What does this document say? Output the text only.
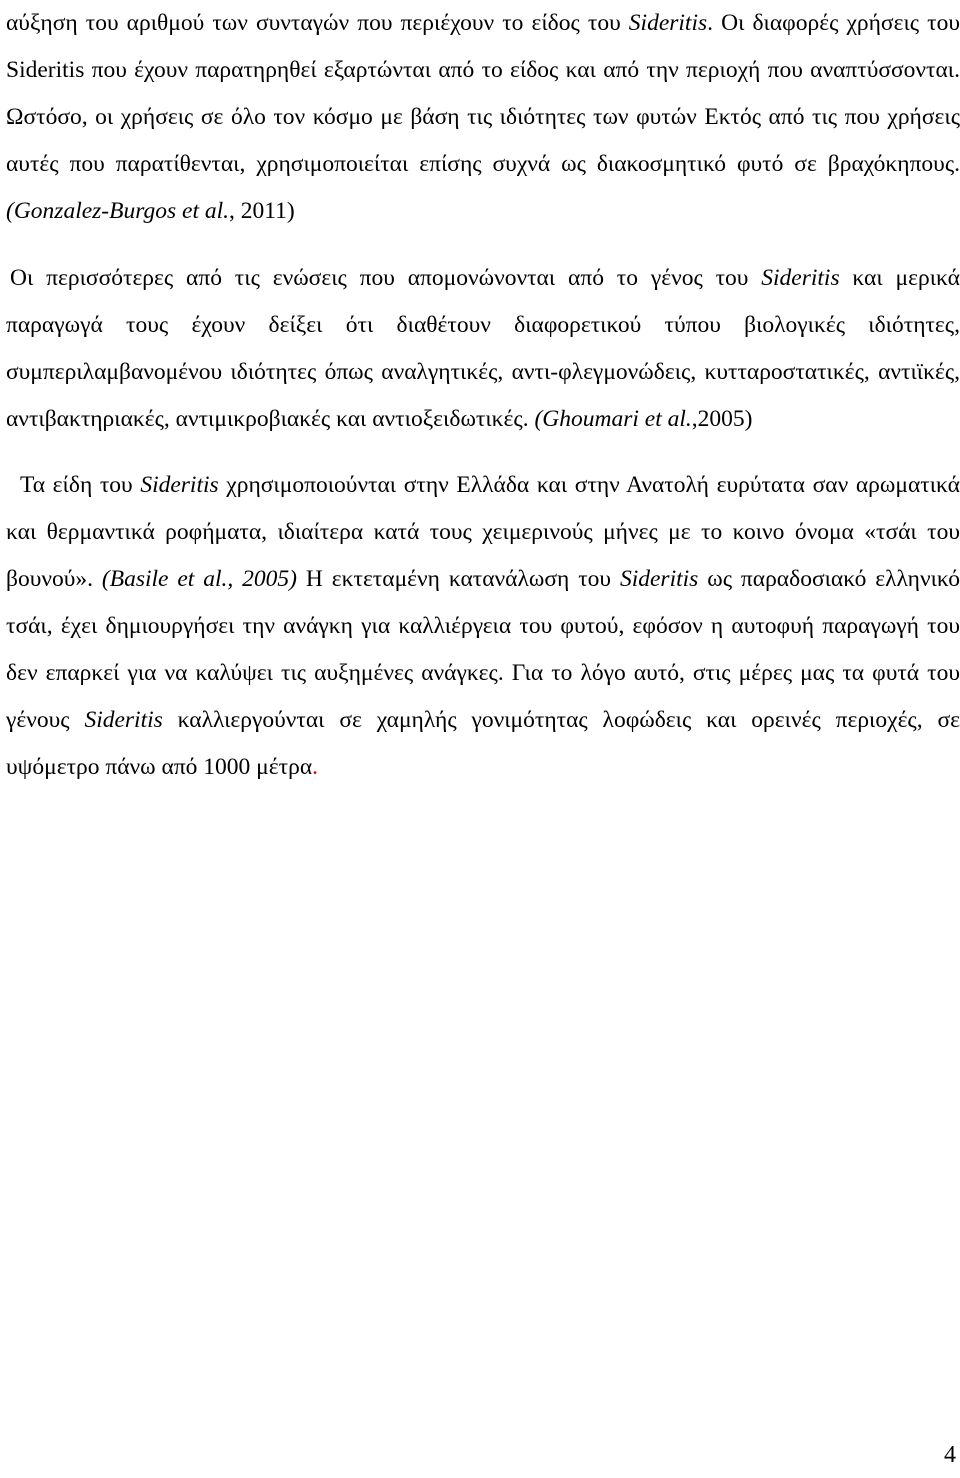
αύξηση του αριθμού των συνταγών που περιέχουν το είδος του Sideritis. Οι διαφορές χρήσεις του Sideritis που έχουν παρατηρηθεί εξαρτώνται από το είδος και από την περιοχή που αναπτύσσονται. Ωστόσο, οι χρήσεις σε όλο τον κόσμο με βάση τις ιδιότητες των φυτών Εκτός από τις που χρήσεις αυτές που παρατίθενται, χρησιμοποιείται επίσης συχνά ως διακοσμητικό φυτό σε βραχόκηπους. (Gonzalez-Burgos et al., 2011)

Οι περισσότερες από τις ενώσεις που απομονώνονται από το γένος του Sideritis και μερικά παραγωγά τους έχουν δείξει ότι διαθέτουν διαφορετικού τύπου βιολογικές ιδιότητες, συμπεριλαμβανομένου ιδιότητες όπως αναλγητικές, αντι-φλεγμονώδεις, κυτταροστατικές, αντιϊκές, αντιβακτηριακές, αντιμικροβιακές και αντιοξειδωτικές. (Ghoumari et al.,2005)

Τα είδη του Sideritis χρησιμοποιούνται στην Ελλάδα και στην Ανατολή ευρύτατα σαν αρωματικά και θερμαντικά ροφήματα, ιδιαίτερα κατά τους χειμερινούς μήνες με το κοινο όνομα «τσάι του βουνού». (Basile et al., 2005) Η εκτεταμένη κατανάλωση του Sideritis ως παραδοσιακό ελληνικό τσάι, έχει δημιουργήσει την ανάγκη για καλλιέργεια του φυτού, εφόσον η αυτοφυή παραγωγή του δεν επαρκεί για να καλύψει τις αυξημένες ανάγκες. Για το λόγο αυτό, στις μέρες μας τα φυτά του γένους Sideritis καλλιεργούνται σε χαμηλής γονιμότητας λοφώδεις και ορεινές περιοχές, σε υψόμετρο πάνω από 1000 μέτρα.

4
